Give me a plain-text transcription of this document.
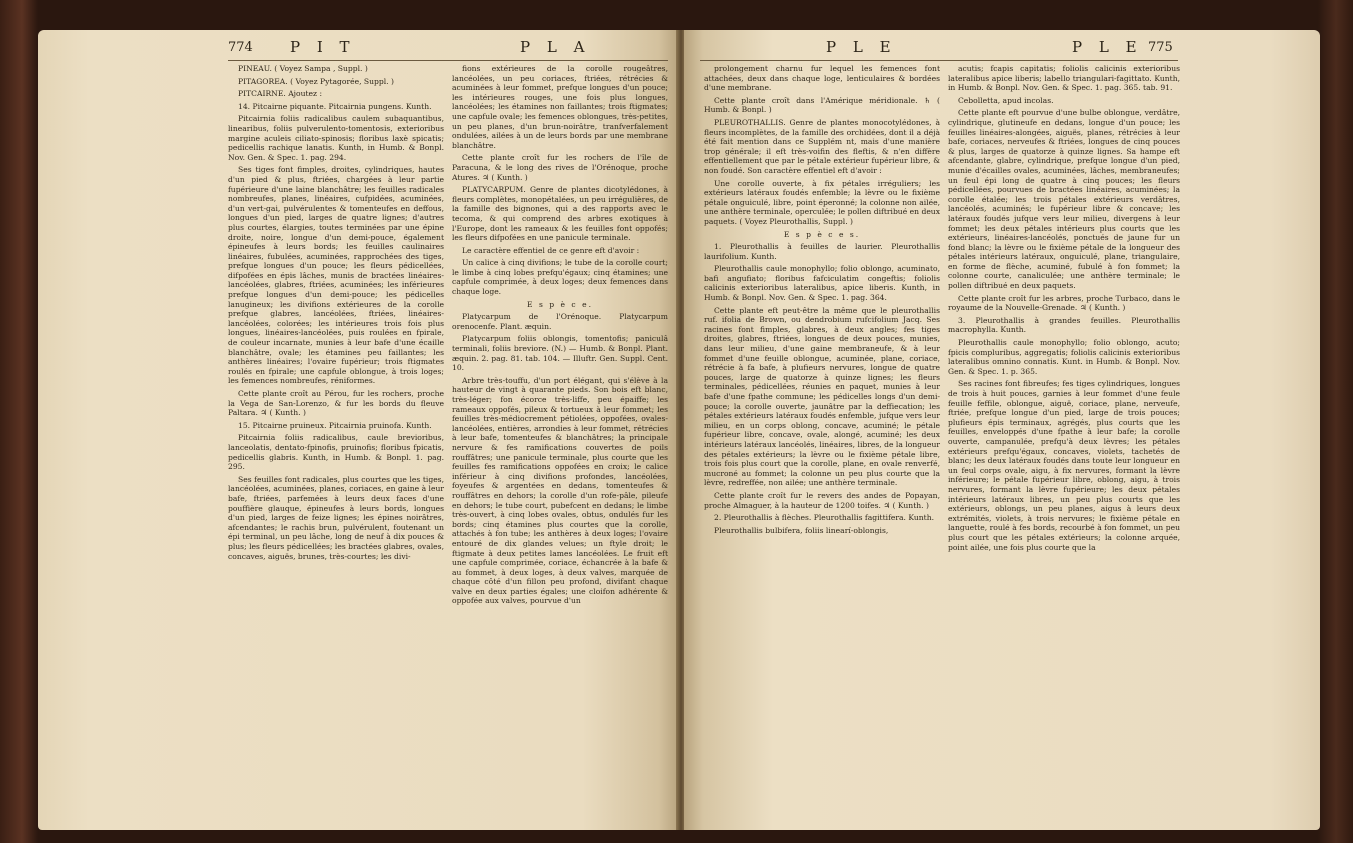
774 P I T	P L A	P L E	P L E 775

PINEAU. ( Voyez Sampa , Suppl. )

PITAGOREA. ( Voyez Pytagorée, Suppl. )

PITCAIRNE. Ajoutez :

14. Pitcairne piquante. Pitcairnia pungens. Kunth.

Pitcairnia foliis radicalibus caulem subaquantibus, linearibus, foliis pulverulento-tomentosis, exterioribus margine aculeis ciliato-spinosis; floribus laxè spicatis; pedicellis rachique lanatis. Kunth, in Humb. & Bonpl. Nov. Gen. & Spec. 1. pag. 294.

Ses tiges font fimples, droites, cylindriques, hautes d'un pied & plus, ftriées, chargées à leur partie fupérieure d'une laine blanchâtre; les feuilles radicales nombreufes, planes, linéaires, cufpidées, acuminées, d'un vert-gai, pulvérulentes & tomenteufes en deffous, longues d'un pied, larges de quatre lignes; d'autres plus courtes, élargies, toutes terminées par une épine droite, noire, longue d'un demi-pouce, également épineufes à leurs bords; les feuilles caulinaires linéaires, fubulées, acuminées, rapprochées des tiges, prefque longues d'un pouce; les fleurs pédicellées, difpofées en épis lâches, munis de bractées linéaires-lancéolées, glabres, ftriées, acuminées; les inférieures prefque longues d'un demi-pouce; les pédicelles lanugineux; les divifions extérieures de la corolle prefque glabres, lancéolées, ftriées, linéaires-lancéolées, colorées; les intérieures trois fois plus longues, linéaires-lancéolées, puis roulées en fpirale, de couleur incarnate, munies à leur bafe d'une écaille blanchâtre, ovale; les étamines peu faillantes; les anthères linéaires; l'ovaire fupérieur; trois ftigmates roulés en fpirale; une capfule oblongue, à trois loges; les femences nombreufes, réniformes.

Cette plante croît au Pérou, fur les rochers, proche la Vega de San-Lorenzo, & fur les bords du fleuve Paltara. ♃ ( Kunth. )

15. Pitcairne pruineux. Pitcairnia pruinofa. Kunth.

Pitcairnia foliis radicalibus, caule brevioribus, lanceolatis, dentato-fpinofis, pruinofis; floribus fpicatis, pedicellis glabris. Kunth, in Humb. & Bonpl. 1. pag. 295.

Ses feuilles font radicales, plus courtes que les tiges, lancéolées, acuminées, planes, coriaces, en gaine à leur bafe, ftriées, parfemées à leurs deux faces d'une pouffière glauque, épineufes à leurs bords, longues d'un pied, larges de feize lignes; les épines noirâtres, afcendantes; le rachis brun, pulvérulent, foutenant un épi terminal, un peu lâche, long de neuf à dix pouces & plus; les fleurs pédicellées; les bractées glabres, ovales, concaves, aiguës, brunes, très-courtes; les divi-

fions extérieures de la corolle rougeâtres, lancéolées, un peu coriaces, ftriées, rétrécies & acuminées à leur fommet, prefque longues d'un pouce; les intérieures rouges, une fois plus longues, lancéolées; les étamines non faillantes; trois ftigmates; une capfule ovale; les femences oblongues, très-petites, un peu planes, d'un brun-noirâtre, tranfverfalement ondulées, ailées à un de leurs bords par une membrane blanchâtre.

Cette plante croît fur les rochers de l'île de Paracuna, & le long des rives de l'Orénoque, proche Atures. ♃ ( Kunth. )

PLATYCARPUM. Genre de plantes dicotylédones, à fleurs complètes, monopétalées, un peu irrégulières, de la famille des bignones, qui a des rapports avec le tecoma, & qui comprend des arbres exotiques à l'Europe, dont les rameaux & les feuilles font oppofés; les fleurs difpofées en une panicule terminale.

Le caractère effentiel de ce genre eft d'avoir :

Un calice à cinq divifions; le tube de la corolle court; le limbe à cinq lobes prefqu'égaux; cinq étamines; une capfule comprimée, à deux loges; deux femences dans chaque loge.

E s p è c e.

Platycarpum de l'Orénoque. Platycarpum orenocenfe. Plant. æquin.

Platycarpum foliis oblongis, tomentofis; paniculâ terminali, foliis breviore. (N.) — Humb. & Bonpl. Plant. æquin. 2. pag. 81. tab. 104. — Illuftr. Gen. Suppl. Cent. 10.

Arbre très-touffu, d'un port élégant, qui s'élève à la hauteur de vingt à quarante pieds. Son bois eft blanc, très-léger; fon écorce très-liffe, peu épaiffe; les rameaux oppofés, pileux & tortueux à leur fommet; les feuilles très-médiocrement pétiolées, oppofées, ovales-lancéolées, entières, arrondies à leur fommet, rétrécies à leur bafe, tomenteufes & blanchâtres; la principale nervure & fes ramifications couvertes de poils rouffâtres; une panicule terminale, plus courte que les feuilles fes ramifications oppofées en croix; le calice inférieur à cinq divifions profondes, lancéolées, foyeufes & argentées en dedans, tomenteufes & rouffâtres en dehors; la corolle d'un rofe-pâle, pileufe en dehors; le tube court, pubefcent en dedans; le limbe très-ouvert, à cinq lobes ovales, obtus, ondulés fur les bords; cinq étamines plus courtes que la corolle, attachés à fon tube; les anthères à deux loges; l'ovaire entouré de dix glandes velues; un ftyle droit; le ftigmate à deux petites lames lancéolées. Le fruit eft une capfule comprimée, coriace, échancrée à la bafe & au fommet, à deux loges, à deux valves, marquée de chaque côté d'un fillon peu profond, divifant chaque valve en deux parties égales; une cloifon adhérente & oppofée aux valves, pourvue d'un

prolongement charnu fur lequel les femences font attachées, deux dans chaque loge, lenticulaires & bordées d'une membrane.

Cette plante croît dans l'Amérique méridionale. ♄ ( Humb. & Bonpl. )

PLEUROTHALLIS. Genre de plantes monocotylédones, à fleurs incomplètes, de la famille des orchidées, dont il a déjà été fait mention dans ce Supplém nt, mais d'une manière trop générale; il eft très-voifin des fleftis, & n'en diffère effentiellement que par le pétale extérieur fupérieur libre, & non foudé. Son caractère effentiel eft d'avoir :

Une corolle ouverte, à fix pétales irréguliers; les extérieurs latéraux foudés enfemble; la lèvre ou le fixième pétale onguiculé, libre, point éperonné; la colonne non ailée, une anthère terminale, operculée; le pollen diftribué en deux paquets. ( Voyez Pleurothallis, Suppl. )

E s p è c e s.

1. Pleurothallis à feuilles de laurier. Pleurothallis laurifolium. Kunth.

Pleurothallis caule monophyllo; folio oblongo, acuminato, bafi angufiato; floribus fafciculatim congeftis; foliolis calicinis exterioribus lateralibus, apice liberis. Kunth, in Humb. & Bonpl. Nov. Gen. & Spec. 1. pag. 364.

Cette plante eft peut-être la même que le pleurothallis ruf. ifolia de Brown, ou dendrobium rufcifolium Jacq. Ses racines font fimples, glabres, à deux angles; fes tiges droites, glabres, ftriées, longues de deux pouces, munies, dans leur milieu, d'une gaine membraneufe, & à leur fommet d'une feuille oblongue, acuminée, plane, coriace, rétrécie à fa bafe, à plufieurs nervures, longue de quatre pouces, large de quatorze à quinze lignes; les fleurs terminales, pédicellées, réunies en paquet, munies à leur bafe d'une fpathe commune; les pédicelles longs d'un demi-pouce; la corolle ouverte, jaunâtre par la deffiecation; les pétales extérieurs latéraux foudés enfemble, jufque vers leur milieu, en un corps oblong, concave, acuminé; le pétale fupérieur libre, concave, ovale, alongé, acuminé; les deux intérieurs latéraux lancéolés, linéaires, libres, de la longueur des pétales extérieurs; la lèvre ou le fixième pétale libre, trois fois plus court que la corolle, plane, en ovale renverfé, mucroné au fommet; la colonne un peu plus courte que la lèvre, redreffée, non ailée; une anthère terminale.

Cette plante croît fur le revers des andes de Popayan, proche Almaguer, à la hauteur de 1200 toifes. ♃ ( Kunth. )

2. Pleurothallis à flèches. Pleurothallis fagittifera. Kunth.

Pleurothallis bulbifera, foliis linearí-oblongis,

acutis; fcapis capitatis; foliolis calicinis exterioribus lateralibus apice liberis; labello triangulari-fagittato. Kunth, in Humb. & Bonpl. Nov. Gen. & Spec. 1. pag. 365. tab. 91.

Cebolletta, apud incolas.

Cette plante eft pourvue d'une bulbe oblongue, verdâtre, cylindrique, glutineufe en dedans, longue d'un pouce; les feuilles linéaires-alongées, aiguës, planes, rétrécies à leur bafe, coriaces, nerveufes & ftriées, longues de cinq pouces & plus, larges de quatorze à quinze lignes. Sa hampe eft afcendante, glabre, cylindrique, prefque longue d'un pied, munie d'écailles ovales, acuminées, lâches, membraneufes; un feul épi long de quatre à cinq pouces; les fleurs pédicellées, pourvues de bractées linéaires, acuminées; la corolle étalée; les trois pétales extérieurs verdâtres, lancéolés, acuminés; le fupérieur libre & concave; les latéraux foudés jufque vers leur milieu, divergens à leur fommet; les deux pétales intérieurs plus courts que les extérieurs, linéaires-lancéolés, ponctués de jaune fur un fond blanc; la lèvre ou le fixième pétale de la longueur des pétales intérieurs latéraux, onguiculé, plane, triangulaire, en forme de flèche, acuminé, fubulé à fon fommet; la colonne courte, canaliculée; une anthère terminale; le pollen diftribué en deux paquets.

Cette plante croît fur les arbres, proche Turbaco, dans le royaume de la Nouvelle-Grenade. ♃ ( Kunth. )

3. Pleurothallis à grandes feuilles. Pleurothallis macrophylla. Kunth.

Pleurothallis caule monophyllo; folio oblongo, acuto; fpicis compluribus, aggregatis; foliolis calicinis exterioribus lateralibus omnino connatis. Kunt. in Humb. & Bonpl. Nov. Gen. & Spec. 1. p. 365.

Ses racines font fibreufes; fes tiges cylindriques, longues de trois à huit pouces, garnies à leur fommet d'une feule feuille feffile, oblongue, aiguë, coriace, plane, nerveufe, ftriée, prefque longue d'un pied, large de trois pouces; plufieurs épis terminaux, agrégés, plus courts que les feuilles, enveloppés d'une fpathe à leur bafe; la corolle ouverte, campanulée, prefqu'à deux lèvres; les pétales extérieurs prefqu'égaux, concaves, violets, tachetés de blanc; les deux latéraux foudés dans toute leur longueur en un feul corps ovale, aigu, à fix nervures, formant la lèvre inférieure; le pétale fupérieur libre, oblong, aigu, à trois nervures, formant la lèvre fupérieure; les deux pétales intérieurs latéraux libres, un peu plus courts que les extérieurs, oblongs, un peu planes, aigus à leurs deux extrémités, violets, à trois nervures; le fixième pétale en languette, roulé à fes bords, recourbé à fon fommet, un peu plus court que les pétales extérieurs; la colonne arquée, point ailée, une fois plus courte que la
